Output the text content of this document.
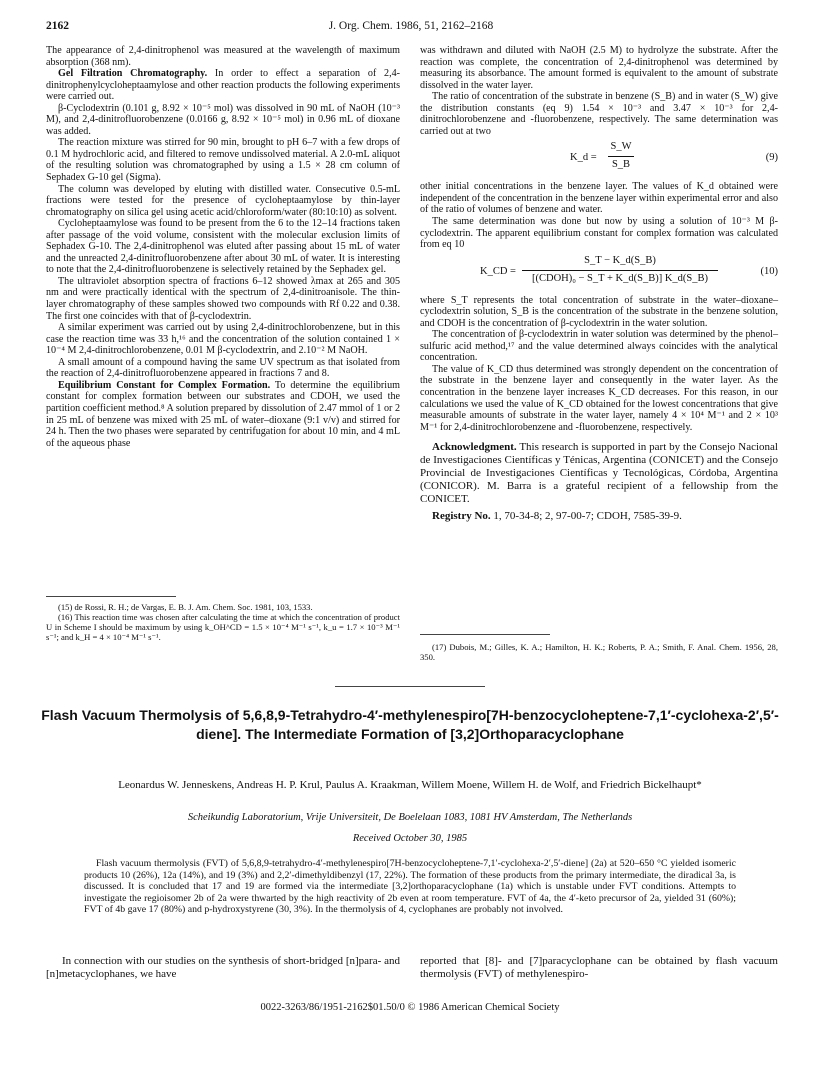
2162	J. Org. Chem. 1986, 51, 2162–2168

The appearance of 2,4-dinitrophenol was measured at the wavelength of maximum absorption (368 nm).

Gel Filtration Chromatography. In order to effect a separation of 2,4-dinitrophenylcycloheptaamylose and other reaction products the following experiments were carried out.

β-Cyclodextrin (0.101 g, 8.92 × 10⁻⁵ mol) was dissolved in 90 mL of NaOH (10⁻³ M), and 2,4-dinitrofluorobenzene (0.0166 g, 8.92 × 10⁻⁵ mol) in 0.96 mL of dioxane was added.

The reaction mixture was stirred for 90 min, brought to pH 6–7 with a few drops of 0.1 M hydrochloric acid, and filtered to remove undissolved material. A 2.0-mL aliquot of the resulting solution was chromatographed by using a 1.5 × 28 cm column of Sephadex G-10 gel (Sigma).

The column was developed by eluting with distilled water. Consecutive 0.5-mL fractions were tested for the presence of cycloheptaamylose by thin-layer chromatography on silica gel using acetic acid/chloroform/water (80:10:10) as solvent.

Cycloheptaamylose was found to be present from the 6 to the 12–14 fractions taken after passage of the void volume, consistent with the molecular exclusion limits of Sephadex G-10. The 2,4-dinitrophenol was eluted after passing about 15 mL of water and the unreacted 2,4-dinitrofluorobenzene after about 30 mL of water. It is interesting to note that the 2,4-dinitrofluorobenzene is selectively retained by the Sephadex gel.

The ultraviolet absorption spectra of fractions 6–12 showed λmax at 265 and 305 nm and were practically identical with the spectrum of 2,4-dinitroanisole. The thin-layer chromatography of these samples showed two compounds with Rf 0.22 and 0.38. The first one coincides with that of β-cyclodextrin.

A similar experiment was carried out by using 2,4-dinitrochlorobenzene, but in this case the reaction time was 33 h,¹⁶ and the concentration of the solution contained 1 × 10⁻⁴ M 2,4-dinitrochlorobenzene, 0.01 M β-cyclodextrin, and 2.10⁻² M NaOH.

A small amount of a compound having the same UV spectrum as that isolated from the reaction of 2,4-dinitrofluorobenzene appeared in fractions 7 and 8.

Equilibrium Constant for Complex Formation. To determine the equilibrium constant for complex formation between our substrates and CDOH, we used the partition coefficient method.⁸ A solution prepared by dissolution of 2.47 mmol of 1 or 2 in 25 mL of benzene was mixed with 25 mL of water–dioxane (9:1 v/v) and stirred for 24 h. Then the two phases were separated by centrifugation for about 10 min, and 4 mL of the aqueous phase

(15) de Rossi, R. H.; de Vargas, E. B. J. Am. Chem. Soc. 1981, 103, 1533.

(16) This reaction time was chosen after calculating the time at which the concentration of product U in Scheme I should be maximum by using k_OH^CD = 1.5 × 10⁻⁴ M⁻¹ s⁻¹, k_u = 1.7 × 10⁻³ M⁻¹ s⁻¹; and k_H = 4 × 10⁻⁴ M⁻¹ s⁻¹.

was withdrawn and diluted with NaOH (2.5 M) to hydrolyze the substrate. After the reaction was complete, the concentration of 2,4-dinitrophenol was determined by measuring its absorbance. The amount formed is equivalent to the amount of substrate dissolved in the water layer.

The ratio of concentration of the substrate in benzene (S_B) and in water (S_W) give the distribution constants (eq 9) 1.54 × 10⁻³ and 3.47 × 10⁻³ for 2,4-dinitrochlorobenzene and -fluorobenzene, respectively. The same determination was carried out at two

K_d =
S_W
S_B
(9)

other initial concentrations in the benzene layer. The values of K_d obtained were independent of the concentration in the benzene layer within experimental error and also of the ratio of volumes of benzene and water.

The same determination was done but now by using a solution of 10⁻³ M β-cyclodextrin. The apparent equilibrium constant for complex formation was calculated from eq 10

K_CD =
S_T − K_d(S_B)
[(CDOH)₀ − S_T + K_d(S_B)] K_d(S_B)
(10)

where S_T represents the total concentration of substrate in the water–dioxane–cyclodextrin solution, S_B is the concentration of the substrate in the benzene solution, and CDOH is the concentration of β-cyclodextrin in the water solution.

The concentration of β-cyclodextrin in water solution was determined by the phenol–sulfuric acid method,¹⁷ and the value determined always coincides with the analytical concentration.

The value of K_CD thus determined was strongly dependent on the concentration of the substrate in the benzene layer and consequently in the water layer. As the concentration in the benzene layer increases K_CD decreases. For this reason, in our calculations we used the value of K_CD obtained for the lowest concentrations that give measurable amounts of substrate in the water layer, namely 4 × 10⁴ M⁻¹ and 2 × 10³ M⁻¹ for 2,4-dinitrochlorobenzene and -fluorobenzene, respectively.

Acknowledgment. This research is supported in part by the Consejo Nacional de Investigaciones Científicas y Ténicas, Argentina (CONICET) and the Consejo Provincial de Investigaciones Científicas y Tecnológicas, Córdoba, Argentina (CONICOR). M. Barra is a grateful recipient of a fellowship from the CONICET.

Registry No. 1, 70-34-8; 2, 97-00-7; CDOH, 7585-39-9.

(17) Dubois, M.; Gilles, K. A.; Hamilton, H. K.; Roberts, P. A.; Smith, F. Anal. Chem. 1956, 28, 350.

Flash Vacuum Thermolysis of 5,6,8,9-Tetrahydro-4′-methylenespiro[7H-benzocycloheptene-7,1′-cyclohexa-2′,5′-diene]. The Intermediate Formation of [3,2]Orthoparacyclophane
Leonardus W. Jenneskens, Andreas H. P. Krul, Paulus A. Kraakman, Willem Moene, Willem H. de Wolf, and Friedrich Bickelhaupt*
Scheikundig Laboratorium, Vrije Universiteit, De Boelelaan 1083, 1081 HV Amsterdam, The Netherlands
Received October 30, 1985

Flash vacuum thermolysis (FVT) of 5,6,8,9-tetrahydro-4′-methylenespiro[7H-benzocycloheptene-7,1′-cyclohexa-2′,5′-diene] (2a) at 520–650 °C yielded isomeric products 10 (26%), 12a (14%), and 19 (3%) and 2,2′-dimethyldibenzyl (17, 22%). The formation of these products from the primary intermediate, the diradical 3a, is discussed. It is concluded that 17 and 19 are formed via the intermediate [3,2]orthoparacyclophane (1a) which is unstable under FVT conditions. Attempts to investigate the regioisomer 2b of 2a were thwarted by the high reactivity of 2b even at room temperature. FVT of 4a, the 4′-keto precursor of 2a, yielded 31 (60%); FVT of 4b gave 17 (80%) and p-hydroxystyrene (30, 3%). In the thermolysis of 4, cyclophanes are probably not involved.

In connection with our studies on the synthesis of short-bridged [n]para- and [n]metacyclophanes, we have

reported that [8]- and [7]paracyclophane can be obtained by flash vacuum thermolysis (FVT) of methylenespiro-

0022-3263/86/1951-2162$01.50/0 © 1986 American Chemical Society
